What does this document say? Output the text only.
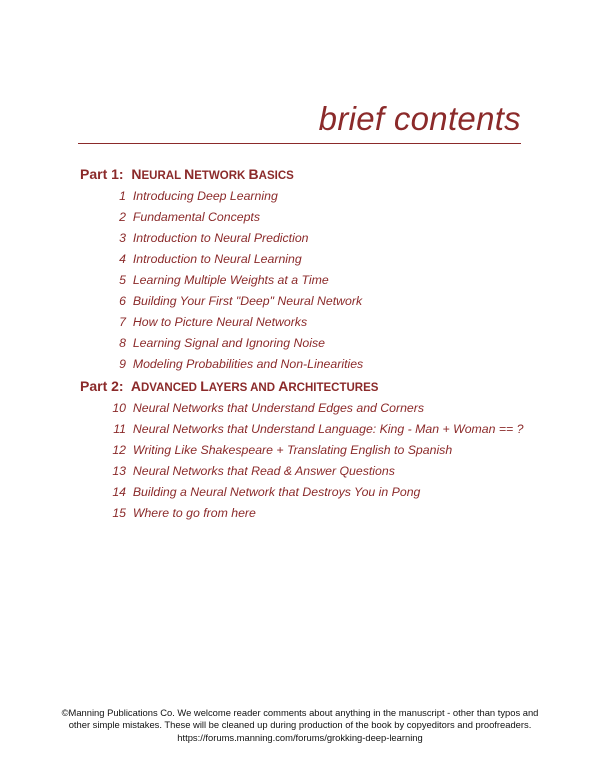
brief contents
Part 1: NEURAL NETWORK BASICS
1 Introducing Deep Learning
2 Fundamental Concepts
3 Introduction to Neural Prediction
4 Introduction to Neural Learning
5 Learning Multiple Weights at a Time
6 Building Your First "Deep" Neural Network
7 How to Picture Neural Networks
8 Learning Signal and Ignoring Noise
9 Modeling Probabilities and Non-Linearities
Part 2: ADVANCED LAYERS AND ARCHITECTURES
10 Neural Networks that Understand Edges and Corners
11 Neural Networks that Understand Language: King - Man + Woman == ?
12 Writing Like Shakespeare + Translating English to Spanish
13 Neural Networks that Read & Answer Questions
14 Building a Neural Network that Destroys You in Pong
15 Where to go from here
©Manning Publications Co. We welcome reader comments about anything in the manuscript - other than typos and
other simple mistakes. These will be cleaned up during production of the book by copyeditors and proofreaders.
https://forums.manning.com/forums/grokking-deep-learning
